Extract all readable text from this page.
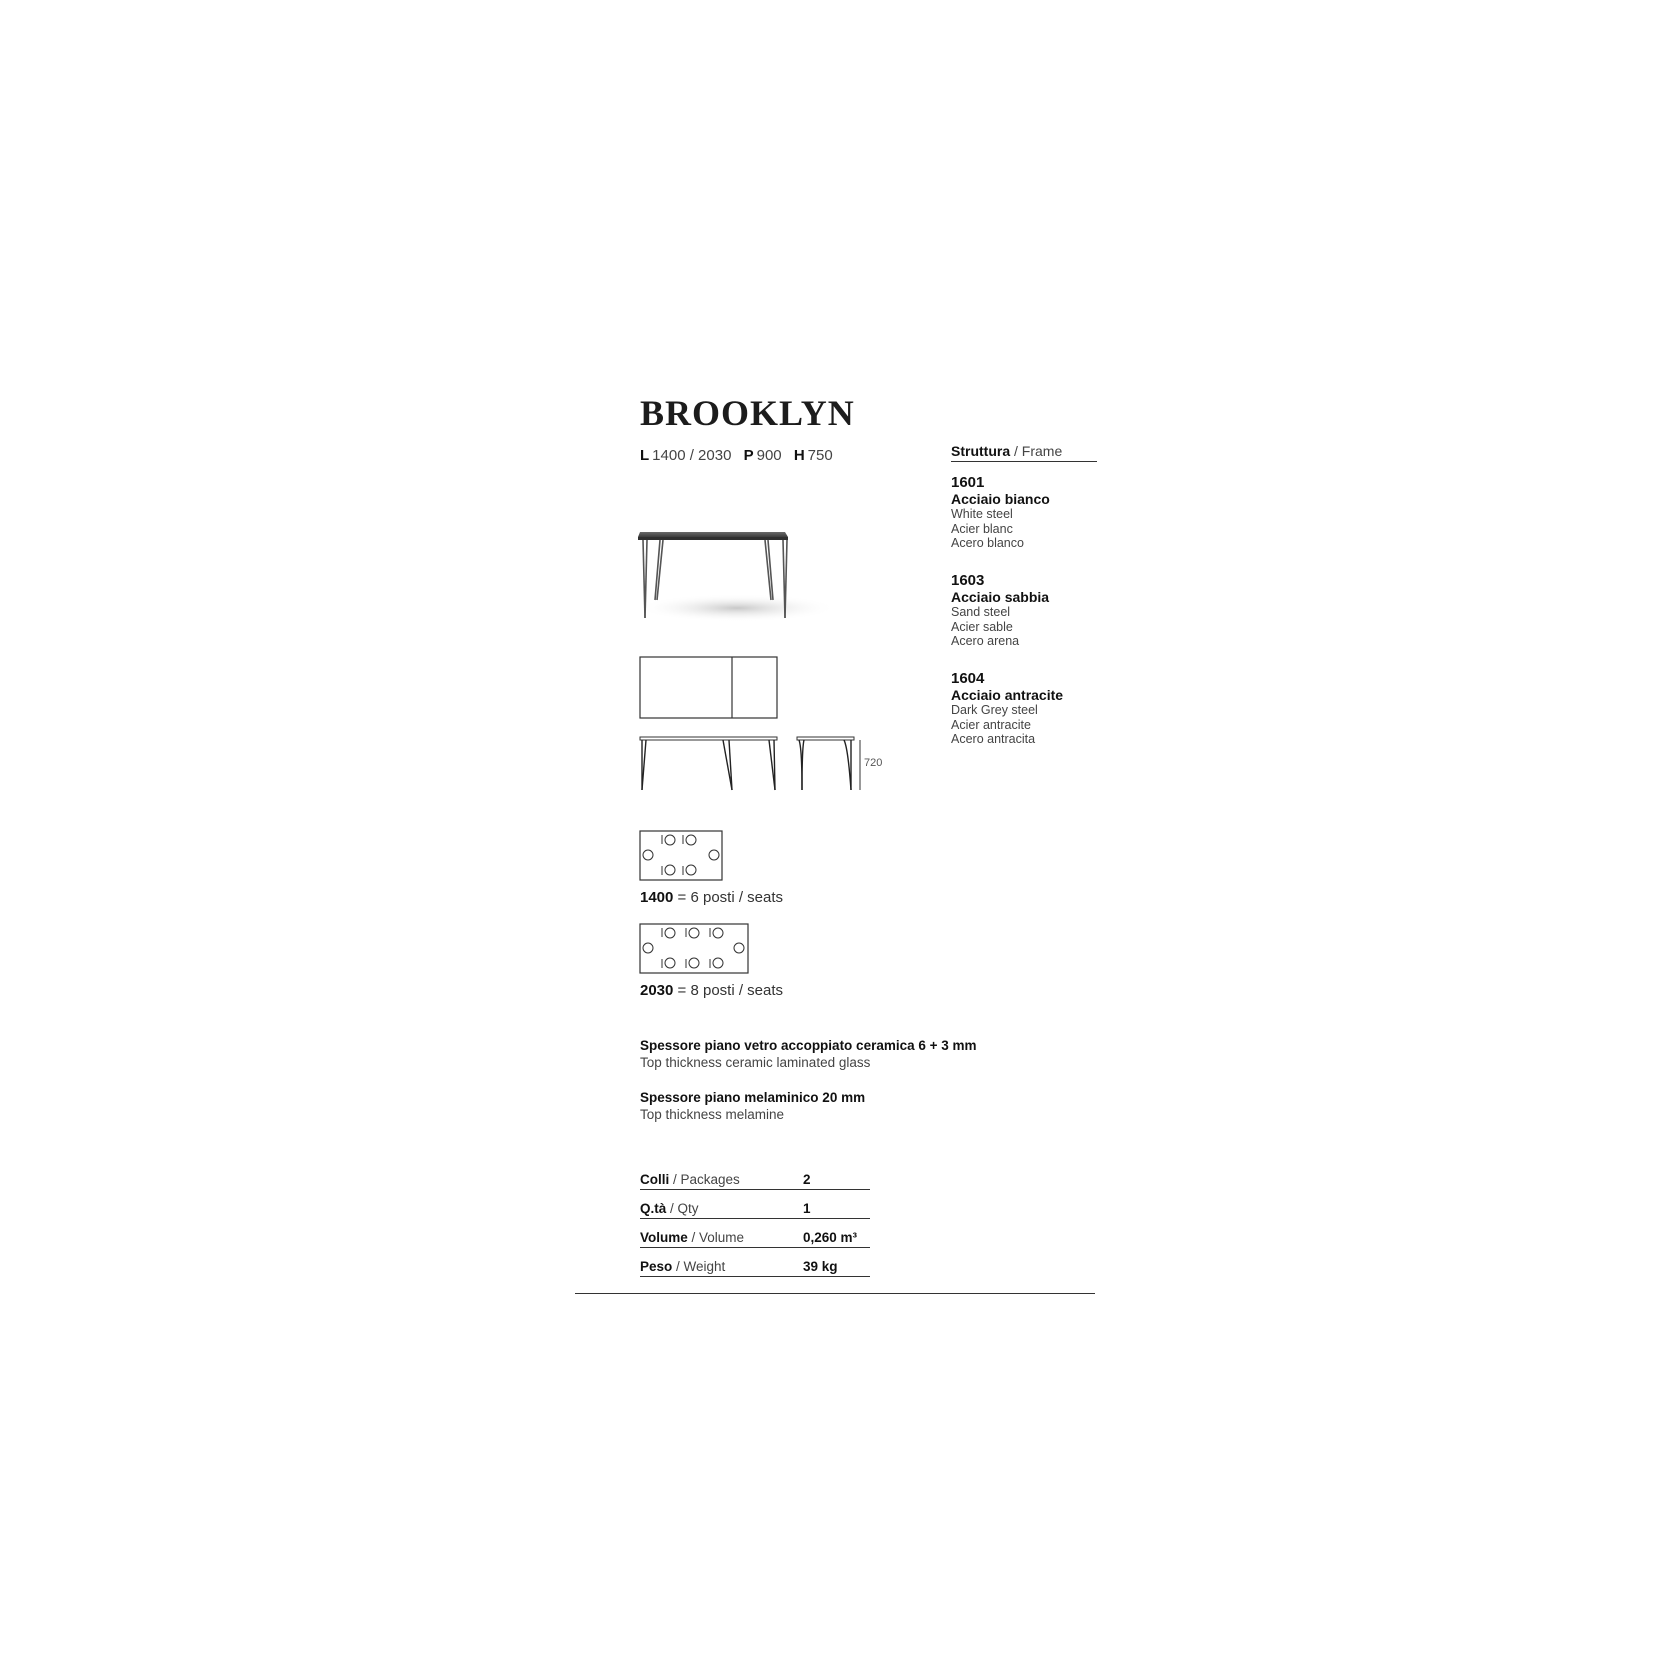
BROOKLYN
L 1400 / 2030 P 900 H 750
720
1400 = 6 posti / seats
2030 = 8 posti / seats
Spessore piano vetro accoppiato ceramica 6 + 3 mm
Top thickness ceramic laminated glass
Spessore piano melaminico 20 mm
Top thickness melamine
Colli / Packages	2
Q.tà / Qty	1
Volume / Volume	0,260 m³
Peso / Weight	39 kg
Struttura / Frame
1601
Acciaio bianco
White steel
Acier blanc
Acero blanco
1603
Acciaio sabbia
Sand steel
Acier sable
Acero arena
1604
Acciaio antracite
Dark Grey steel
Acier antracite
Acero antracita
